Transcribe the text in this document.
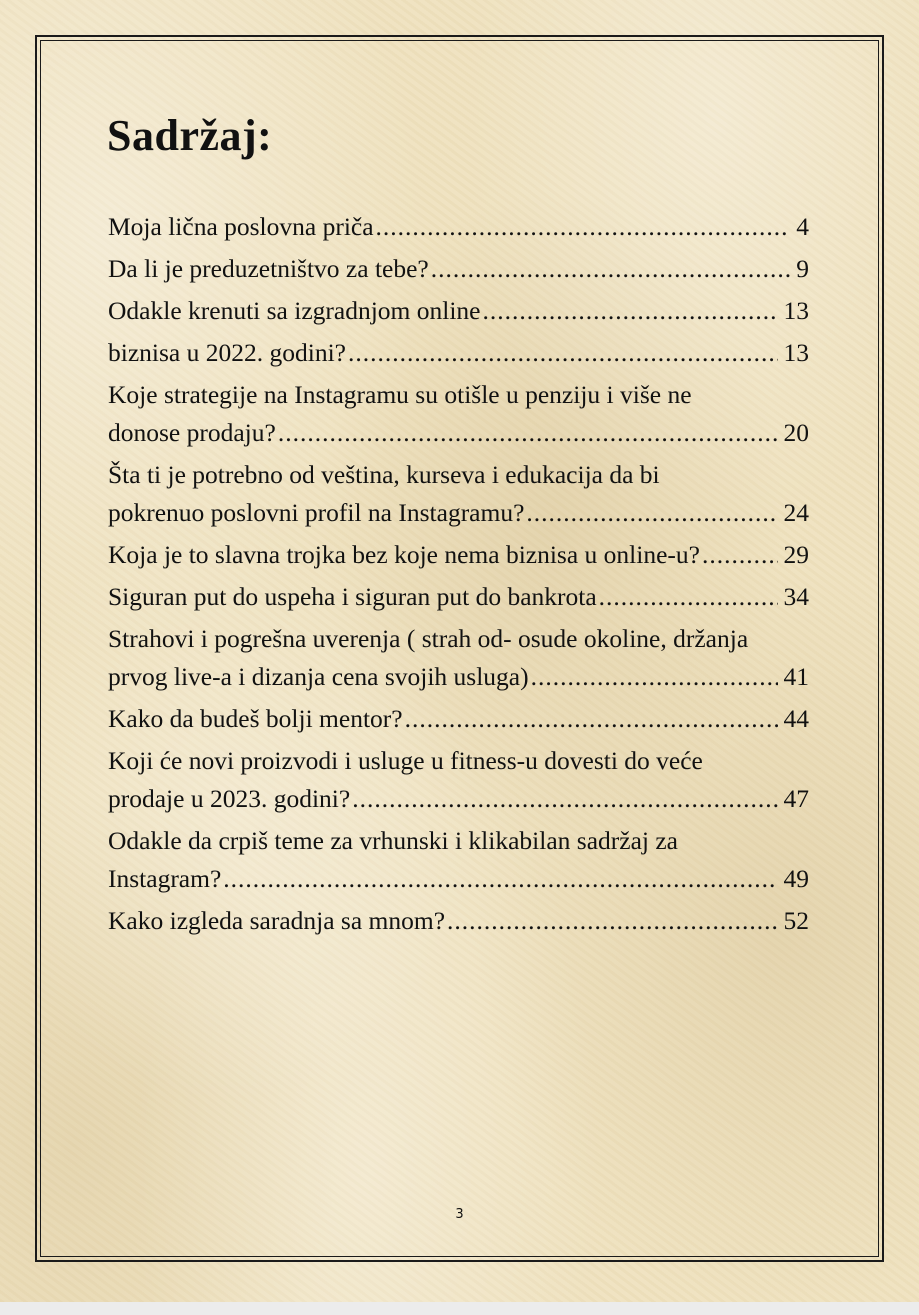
Sadržaj:
Moja lična poslovna priča .....	4
Da li je preduzetništvo za tebe? .....	9
Odakle krenuti sa izgradnjom online .....	13
biznisa u 2022. godini? .....	13
Koje strategije na Instagramu su otišle u penziju i više ne
donose prodaju? .....	20
Šta ti je potrebno od veština, kurseva i edukacija da bi
pokrenuo poslovni profil na Instagramu? .....	24
Koja je to slavna trojka bez koje nema biznisa u online-u? .....	29
Siguran put do uspeha i siguran put do bankrota .....	34
Strahovi i pogrešna uverenja ( strah od- osude okoline, držanja
prvog live-a i dizanja cena svojih usluga) .....	41
Kako da budeš bolji mentor? .....	44
Koji će novi proizvodi i usluge u fitness-u dovesti do veće
prodaje u 2023. godini? .....	47
Odakle da crpiš teme za vrhunski i klikabilan sadržaj za
Instagram? .....	49
Kako izgleda saradnja sa mnom? .....	52
3
